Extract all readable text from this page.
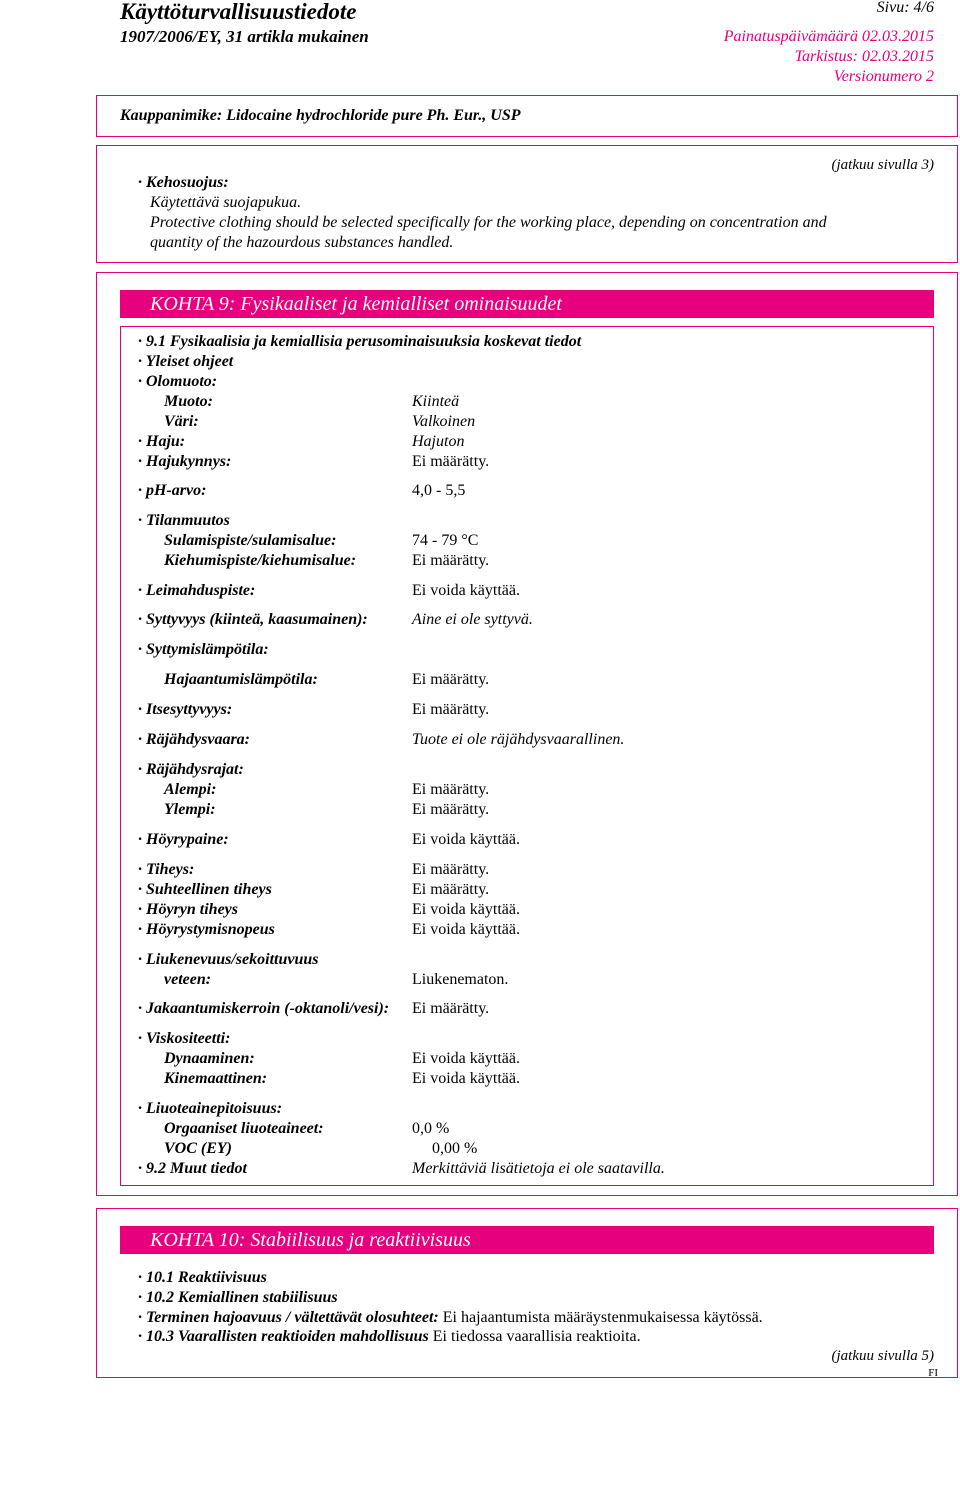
Käyttöturvallisuustiedote	Sivu: 4/6
1907/2006/EY, 31 artikla mukainen	Painatuspäivämäärä 02.03.2015
Tarkistus: 02.03.2015
Versionumero 2
Kauppanimike: Lidocaine hydrochloride pure Ph. Eur., USP
(jatkuu sivulla 3)
· Kehosuojus:
Käytettävä suojapukua.
Protective clothing should be selected specifically for the working place, depending on concentration and
quantity of the hazourdous substances handled.
KOHTA 9: Fysikaaliset ja kemialliset ominaisuudet
· 9.1 Fysikaalisia ja kemiallisia perusominaisuuksia koskevat tiedot
· Yleiset ohjeet
· Olomuoto:
Muoto:	Kiinteä
Väri:	Valkoinen
· Haju:	Hajuton
· Hajukynnys:	Ei määrätty.
· pH-arvo:	4,0 - 5,5
· Tilanmuutos
Sulamispiste/sulamisalue:	74 - 79 °C
Kiehumispiste/kiehumisalue:	Ei määrätty.
· Leimahduspiste:	Ei voida käyttää.
· Syttyvyys (kiinteä, kaasumainen):	Aine ei ole syttyvä.
· Syttymislämpötila:
Hajaantumislämpötila:	Ei määrätty.
· Itsesyttyvyys:	Ei määrätty.
· Räjähdysvaara:	Tuote ei ole räjähdysvaarallinen.
· Räjähdysrajat:
Alempi:	Ei määrätty.
Ylempi:	Ei määrätty.
· Höyrypaine:	Ei voida käyttää.
· Tiheys:	Ei määrätty.
· Suhteellinen tiheys	Ei määrätty.
· Höyryn tiheys	Ei voida käyttää.
· Höyrystymisnopeus	Ei voida käyttää.
· Liukenevuus/sekoittuvuus
veteen:	Liukenematon.
· Jakaantumiskerroin (-oktanoli/vesi): Ei määrätty.
· Viskositeetti:
Dynaaminen:	Ei voida käyttää.
Kinemaattinen:	Ei voida käyttää.
· Liuoteainepitoisuus:
Orgaaniset liuoteaineet:	0,0 %
VOC (EY)	0,00 %
· 9.2 Muut tiedot	Merkittäviä lisätietoja ei ole saatavilla.
KOHTA 10: Stabiilisuus ja reaktiivisuus
· 10.1 Reaktiivisuus
· 10.2 Kemiallinen stabiilisuus
· Terminen hajoavuus / vältettävät olosuhteet: Ei hajaantumista määräystenmukaisessa käytössä.
· 10.3 Vaarallisten reaktioiden mahdollisuus Ei tiedossa vaarallisia reaktioita.
(jatkuu sivulla 5)
FI
